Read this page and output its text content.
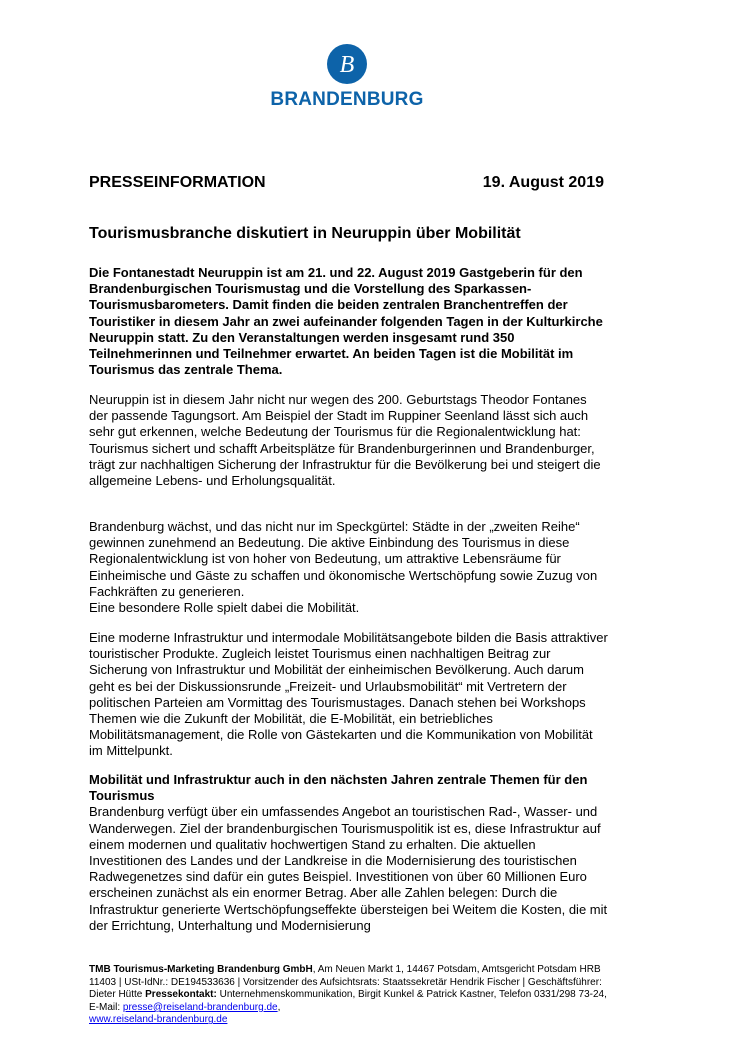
B
BRANDENBURG
PRESSEINFORMATION	19. August 2019
Tourismusbranche diskutiert in Neuruppin über Mobilität
Die Fontanestadt Neuruppin ist am 21. und 22. August 2019 Gastgeberin für den Brandenburgischen Tourismustag und die Vorstellung des Sparkassen-Tourismusbarometers. Damit finden die beiden zentralen Branchentreffen der Touristiker in diesem Jahr an zwei aufeinander folgenden Tagen in der Kulturkirche Neuruppin statt. Zu den Veranstaltungen werden insgesamt rund 350 Teilnehmerinnen und Teilnehmer erwartet. An beiden Tagen ist die Mobilität im Tourismus das zentrale Thema.
Neuruppin ist in diesem Jahr nicht nur wegen des 200. Geburtstags Theodor Fontanes der passende Tagungsort. Am Beispiel der Stadt im Ruppiner Seenland lässt sich auch sehr gut erkennen, welche Bedeutung der Tourismus für die Regionalentwicklung hat: Tourismus sichert und schafft Arbeitsplätze für Brandenburgerinnen und Brandenburger, trägt zur nachhaltigen Sicherung der Infrastruktur für die Bevölkerung bei und steigert die allgemeine Lebens- und Erholungsqualität.

Brandenburg wächst, und das nicht nur im Speckgürtel: Städte in der „zweiten Reihe“ gewinnen zunehmend an Bedeutung. Die aktive Einbindung des Tourismus in diese Regionalentwicklung ist von hoher von Bedeutung, um attraktive Lebensräume für Einheimische und Gäste zu schaffen und ökonomische Wertschöpfung sowie Zuzug von Fachkräften zu generieren.

Eine besondere Rolle spielt dabei die Mobilität.

Eine moderne Infrastruktur und intermodale Mobilitätsangebote bilden die Basis attraktiver touristischer Produkte. Zugleich leistet Tourismus einen nachhaltigen Beitrag zur Sicherung von Infrastruktur und Mobilität der einheimischen Bevölkerung. Auch darum geht es bei der Diskussionsrunde „Freizeit- und Urlaubsmobilität“ mit Vertretern der politischen Parteien am Vormittag des Tourismustages. Danach stehen bei Workshops Themen wie die Zukunft der Mobilität, die E-Mobilität, ein betriebliches Mobilitätsmanagement, die Rolle von Gästekarten und die Kommunikation von Mobilität im Mittelpunkt.

Mobilität und Infrastruktur auch in den nächsten Jahren zentrale Themen für den Tourismus

Brandenburg verfügt über ein umfassendes Angebot an touristischen Rad-, Wasser- und Wanderwegen. Ziel der brandenburgischen Tourismuspolitik ist es, diese Infrastruktur auf einem modernen und qualitativ hochwertigen Stand zu erhalten. Die aktuellen Investitionen des Landes und der Landkreise in die Modernisierung des touristischen Radwegenetzes sind dafür ein gutes Beispiel. Investitionen von über 60 Millionen Euro erscheinen zunächst als ein enormer Betrag. Aber alle Zahlen belegen: Durch die Infrastruktur generierte Wertschöpfungseffekte übersteigen bei Weitem die Kosten, die mit der Errichtung, Unterhaltung und Modernisierung

TMB Tourismus-Marketing Brandenburg GmbH, Am Neuen Markt 1, 14467 Potsdam, Amtsgericht Potsdam HRB 11403 | USt-IdNr.: DE194533636 | Vorsitzender des Aufsichtsrats: Staatssekretär Hendrik Fischer | Geschäftsführer: Dieter Hütte Pressekontakt: Unternehmenskommunikation, Birgit Kunkel & Patrick Kastner, Telefon 0331/298 73-24, E-Mail: presse@reiseland-brandenburg.de,
www.reiseland-brandenburg.de
